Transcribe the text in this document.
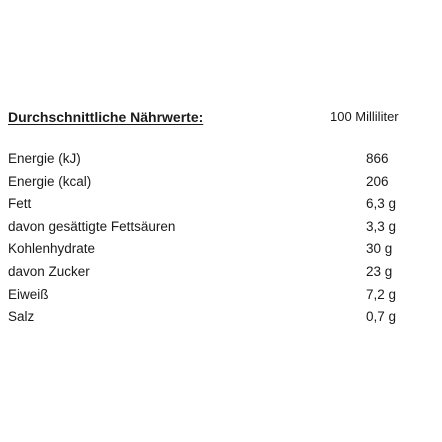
Durchschnittliche Nährwerte:	100 Milliliter
Energie (kJ)	866
Energie (kcal)	206
Fett	6,3 g
davon gesättigte Fettsäuren	3,3 g
Kohlenhydrate	30 g
davon Zucker	23 g
Eiweiß	7,2 g
Salz	0,7 g
